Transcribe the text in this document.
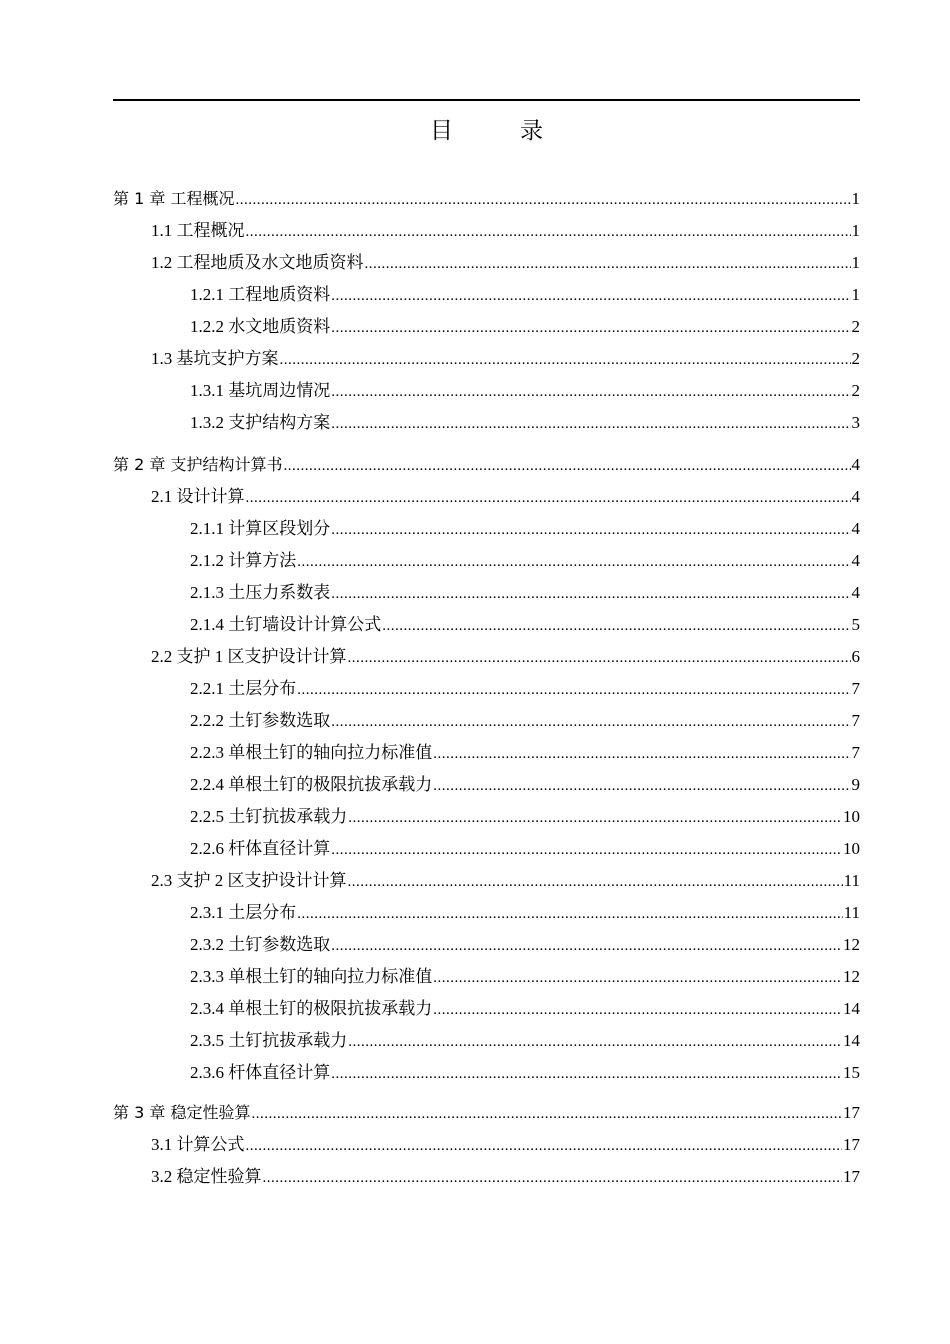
目　录
第 1 章 工程概况 .....	1
1.1 工程概况 .....	1
1.2 工程地质及水文地质资料 .....	1
1.2.1 工程地质资料 .....	1
1.2.2 水文地质资料 .....	2
1.3 基坑支护方案 .....	2
1.3.1 基坑周边情况 .....	2
1.3.2 支护结构方案 .....	3
第 2 章 支护结构计算书 .....	4
2.1 设计计算 .....	4
2.1.1 计算区段划分 .....	4
2.1.2 计算方法 .....	4
2.1.3 土压力系数表 .....	4
2.1.4 土钉墙设计计算公式 .....	5
2.2 支护 1 区支护设计计算 .....	6
2.2.1 土层分布 .....	7
2.2.2 土钉参数选取 .....	7
2.2.3 单根土钉的轴向拉力标准值 .....	7
2.2.4 单根土钉的极限抗拔承载力 .....	9
2.2.5 土钉抗拔承载力 .....	10
2.2.6 杆体直径计算 .....	10
2.3 支护 2 区支护设计计算 .....	11
2.3.1 土层分布 .....	11
2.3.2 土钉参数选取 .....	12
2.3.3 单根土钉的轴向拉力标准值 .....	12
2.3.4 单根土钉的极限抗拔承载力 .....	14
2.3.5 土钉抗拔承载力 .....	14
2.3.6 杆体直径计算 .....	15
第 3 章 稳定性验算 .....	17
3.1 计算公式 .....	17
3.2 稳定性验算 .....	17
